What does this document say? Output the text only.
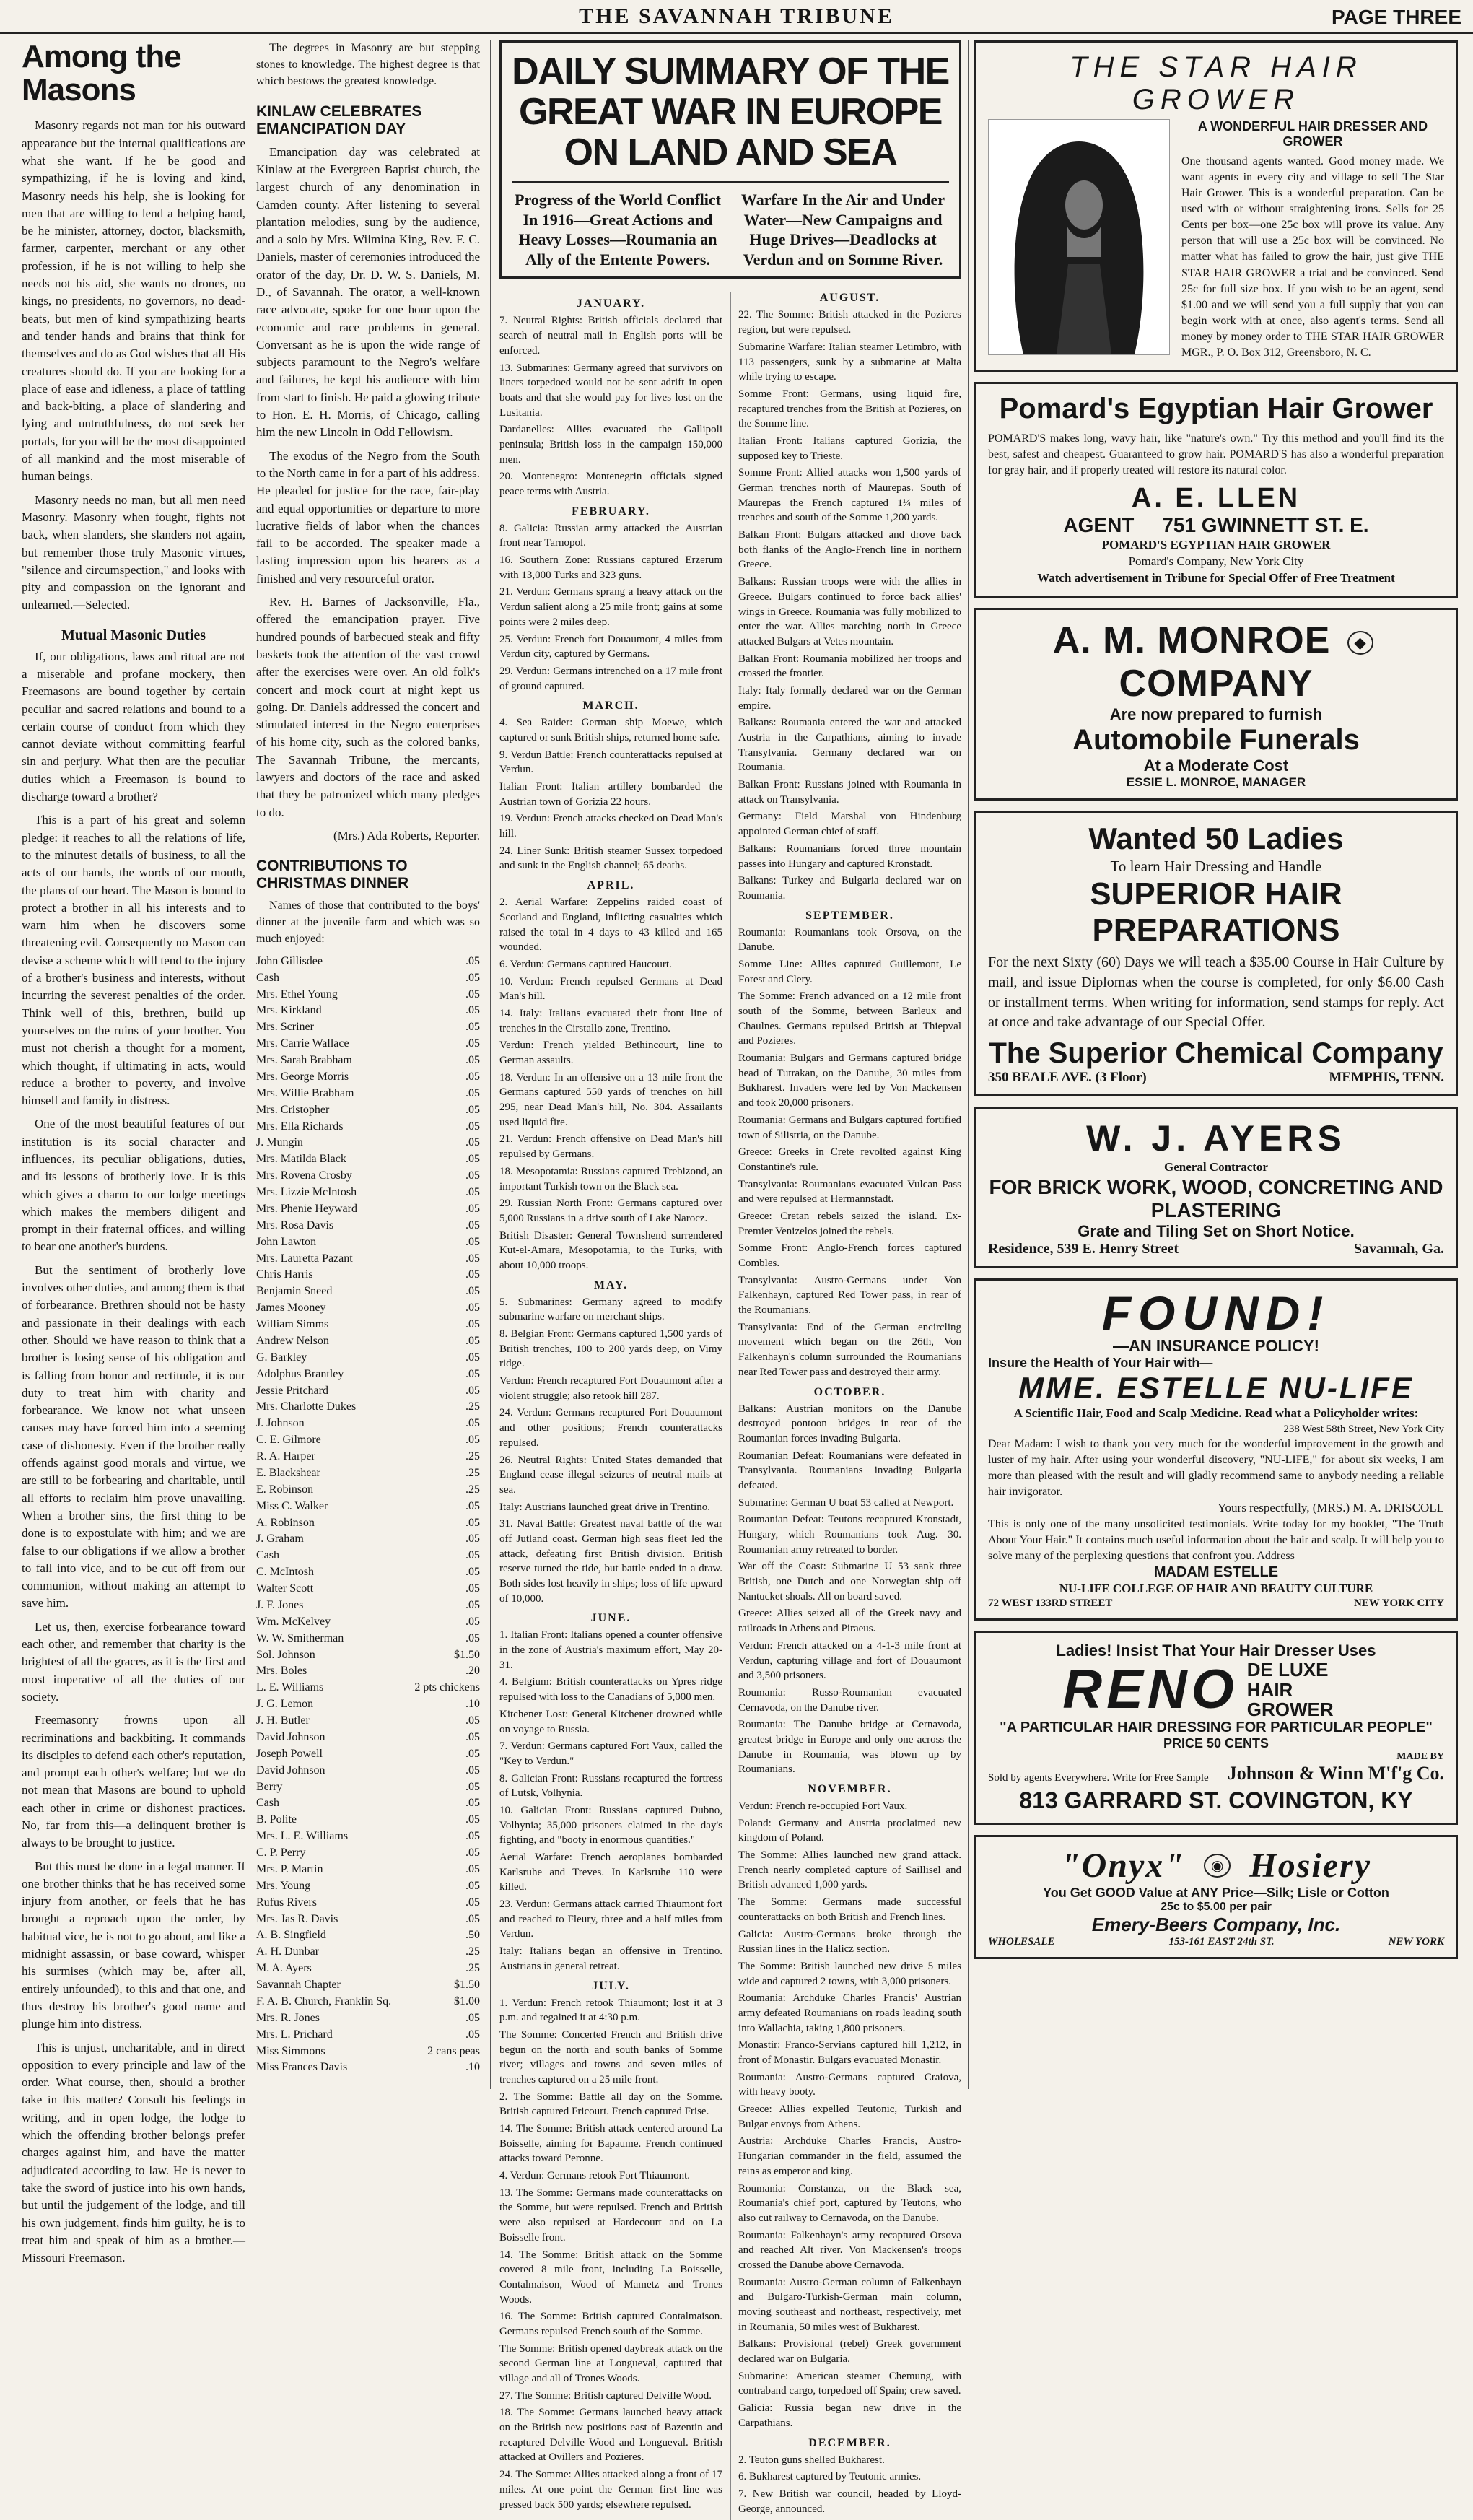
THE SAVANNAH TRIBUNE	PAGE THREE
Among the Masons

Masonry regards not man for his outward appearance but the internal qualifications are what she want. If he be good and sympathizing, if he is loving and kind, Masonry needs his help, she is looking for men that are willing to lend a helping hand, be he minister, attorney, doctor, blacksmith, farmer, carpenter, merchant or any other profession, if he is not willing to help she needs not his aid, she wants no drones, no kings, no presidents, no governors, no dead-beats, but men of kind sympathizing hearts and tender hands and brains that think for themselves and do as God wishes that all His creatures should do. If you are looking for a place of ease and idleness, a place of tattling and back-biting, a place of slandering and lying and untruthfulness, do not seek her portals, for you will be the most disappointed of all mankind and the most miserable of human beings.

Masonry needs no man, but all men need Masonry. Masonry when fought, fights not back, when slanders, she slanders not again, but remember those truly Masonic virtues, "silence and circumspection," and looks with pity and compassion on the ignorant and unlearned.—Selected.

Mutual Masonic Duties

If, our obligations, laws and ritual are not a miserable and profane mockery, then Freemasons are bound together by certain peculiar and sacred relations and bound to a certain course of conduct from which they cannot deviate without committing fearful sin and perjury. What then are the peculiar duties which a Freemason is bound to discharge toward a brother?

This is a part of his great and solemn pledge: it reaches to all the relations of life, to the minutest details of business, to all the acts of our hands, the words of our mouth, the plans of our heart. The Mason is bound to protect a brother in all his interests and to warn him when he discovers some threatening evil. Consequently no Mason can devise a scheme which will tend to the injury of a brother's business and interests, without incurring the severest penalties of the order. Think well of this, brethren, build up yourselves on the ruins of your brother. You must not cherish a thought for a moment, which thought, if ultimating in acts, would reduce a brother to poverty, and involve himself and family in distress.

One of the most beautiful features of our institution is its social character and influences, its peculiar obligations, duties, and its lessons of brotherly love. It is this which gives a charm to our lodge meetings which makes the members diligent and prompt in their fraternal offices, and willing to bear one another's burdens.

But the sentiment of brotherly love involves other duties, and among them is that of forbearance. Brethren should not be hasty and passionate in their dealings with each other. Should we have reason to think that a brother is losing sense of his obligation and is falling from honor and rectitude, it is our duty to treat him with charity and forbearance. We know not what unseen causes may have forced him into a seeming case of dishonesty. Even if the brother really offends against good morals and virtue, we are still to be forbearing and charitable, until all efforts to reclaim him prove unavailing. When a brother sins, the first thing to be done is to expostulate with him; and we are false to our obligations if we allow a brother to fall into vice, and to be cut off from our communion, without making an attempt to save him.

Let us, then, exercise forbearance toward each other, and remember that charity is the brightest of all the graces, as it is the first and most imperative of all the duties of our society.

Freemasonry frowns upon all recriminations and backbiting. It commands its disciples to defend each other's reputation, and prompt each other's welfare; but we do not mean that Masons are bound to uphold each other in crime or dishonest practices. No, far from this—a delinquent brother is always to be brought to justice.

But this must be done in a legal manner. If one brother thinks that he has received some injury from another, or feels that he has brought a reproach upon the order, by habitual vice, he is not to go about, and like a midnight assassin, or base coward, whisper his surmises (which may be, after all, entirely unfounded), to this and that one, and thus destroy his brother's good name and plunge him into distress.

This is unjust, uncharitable, and in direct opposition to every principle and law of the order. What course, then, should a brother take in this matter? Consult his feelings in writing, and in open lodge, the lodge to which the offending brother belongs prefer charges against him, and have the matter adjudicated according to law. He is never to take the sword of justice into his own hands, but until the judgement of the lodge, and till his own judgement, finds him guilty, he is to treat him and speak of him as a brother.—Missouri Freemason.

The degrees in Masonry are but stepping stones to knowledge. The highest degree is that which bestows the greatest knowledge.

KINLAW CELEBRATES EMANCIPATION DAY

Emancipation day was celebrated at Kinlaw at the Evergreen Baptist church, the largest church of any denomination in Camden county. After listening to several plantation melodies, sung by the audience, and a solo by Mrs. Wilmina King, Rev. F. C. Daniels, master of ceremonies introduced the orator of the day, Dr. D. W. S. Daniels, M. D., of Savannah. The orator, a well-known race advocate, spoke for one hour upon the economic and race problems in general. Conversant as he is upon the wide range of subjects paramount to the Negro's welfare and failures, he kept his audience with him from start to finish. He paid a glowing tribute to Hon. E. H. Morris, of Chicago, calling him the new Lincoln in Odd Fellowism.

The exodus of the Negro from the South to the North came in for a part of his address. He pleaded for justice for the race, fair-play and equal opportunities or departure to more lucrative fields of labor when the chances fail to be accorded. The speaker made a lasting impression upon his hearers as a finished and very resourceful orator.

Rev. H. Barnes of Jacksonville, Fla., offered the emancipation prayer. Five hundred pounds of barbecued steak and fifty baskets took the attention of the vast crowd after the exercises were over. An old folk's concert and mock court at night kept us going. Dr. Daniels addressed the concert and stimulated interest in the Negro enterprises of his home city, such as the colored banks, The Savannah Tribune, the mercants, lawyers and doctors of the race and asked that they be patronized which many pledges to do.

(Mrs.) Ada Roberts, Reporter.

CONTRIBUTIONS TO CHRISTMAS DINNER

Names of those that contributed to the boys' dinner at the juvenile farm and which was so much enjoyed:

John Gillisdee	.05
Cash	.05
Mrs. Ethel Young	.05
Mrs. Kirkland	.05
Mrs. Scriner	.05
Mrs. Carrie Wallace	.05
Mrs. Sarah Brabham	.05
Mrs. George Morris	.05
Mrs. Willie Brabham	.05
Mrs. Cristopher	.05
Mrs. Ella Richards	.05
J. Mungin	.05
Mrs. Matilda Black	.05
Mrs. Rovena Crosby	.05
Mrs. Lizzie McIntosh	.05
Mrs. Phenie Heyward	.05
Mrs. Rosa Davis	.05
John Lawton	.05
Mrs. Lauretta Pazant	.05
Chris Harris	.05
Benjamin Sneed	.05
James Mooney	.05
William Simms	.05
Andrew Nelson	.05
G. Barkley	.05
Adolphus Brantley	.05
Jessie Pritchard	.05
Mrs. Charlotte Dukes	.25
J. Johnson	.05
C. E. Gilmore	.05
R. A. Harper	.25
E. Blackshear	.25
E. Robinson	.25
Miss C. Walker	.05
A. Robinson	.05
J. Graham	.05
Cash	.05
C. McIntosh	.05
Walter Scott	.05
J. F. Jones	.05
Wm. McKelvey	.05
W. W. Smitherman	.05
Sol. Johnson	$1.50
Mrs. Boles	.20
L. E. Williams	2 pts chickens
J. G. Lemon	.10
J. H. Butler	.05
David Johnson	.05
Joseph Powell	.05
David Johnson	.05
Berry	.05
Cash	.05
B. Polite	.05
Mrs. L. E. Williams	.05
C. P. Perry	.05
Mrs. P. Martin	.05
Mrs. Young	.05
Rufus Rivers	.05
Mrs. Jas R. Davis	.05
A. B. Singfield	.50
A. H. Dunbar	.25
M. A. Ayers	.25
Savannah Chapter	$1.50
F. A. B. Church, Franklin Sq.	$1.00
Mrs. R. Jones	.05
Mrs. L. Prichard	.05
Miss Simmons	2 cans peas
Miss Frances Davis	.10
DAILY SUMMARY OF THE GREAT WAR IN EUROPE ON LAND AND SEA
Progress of the World Conflict In 1916—Great Actions and Heavy Losses—Roumania an Ally of the Entente Powers.
Warfare In the Air and Under Water—New Campaigns and Huge Drives—Deadlocks at Verdun and on Somme River.
JANUARY.
7. Neutral Rights: British officials declared that search of neutral mail in English ports will be enforced.
13. Submarines: Germany agreed that survivors on liners torpedoed would not be sent adrift in open boats and that she would pay for lives lost on the Lusitania.
Dardanelles: Allies evacuated the Gallipoli peninsula; British loss in the campaign 150,000 men.
20. Montenegro: Montenegrin officials signed peace terms with Austria.
FEBRUARY.
8. Galicia: Russian army attacked the Austrian front near Tarnopol.
16. Southern Zone: Russians captured Erzerum with 13,000 Turks and 323 guns.
21. Verdun: Germans sprang a heavy attack on the Verdun salient along a 25 mile front; gains at some points were 2 miles deep.
25. Verdun: French fort Douaumont, 4 miles from Verdun city, captured by Germans.
29. Verdun: Germans intrenched on a 17 mile front of ground captured.
MARCH.
4. Sea Raider: German ship Moewe, which captured or sunk British ships, returned home safe.
9. Verdun Battle: French counterattacks repulsed at Verdun.
Italian Front: Italian artillery bombarded the Austrian town of Gorizia 22 hours.
19. Verdun: French attacks checked on Dead Man's hill.
24. Liner Sunk: British steamer Sussex torpedoed and sunk in the English channel; 65 deaths.
APRIL.
2. Aerial Warfare: Zeppelins raided coast of Scotland and England, inflicting casualties which raised the total in 4 days to 43 killed and 165 wounded.
6. Verdun: Germans captured Haucourt.
10. Verdun: French repulsed Germans at Dead Man's hill.
14. Italy: Italians evacuated their front line of trenches in the Cirstallo zone, Trentino.
Verdun: French yielded Bethincourt, line to German assaults.
18. Verdun: In an offensive on a 13 mile front the Germans captured 550 yards of trenches on hill 295, near Dead Man's hill, No. 304. Assailants used liquid fire.
21. Verdun: French offensive on Dead Man's hill repulsed by Germans.
18. Mesopotamia: Russians captured Trebizond, an important Turkish town on the Black sea.
29. Russian North Front: Germans captured over 5,000 Russians in a drive south of Lake Narocz.
British Disaster: General Townshend surrendered Kut-el-Amara, Mesopotamia, to the Turks, with about 10,000 troops.
MAY.
5. Submarines: Germany agreed to modify submarine warfare on merchant ships.
8. Belgian Front: Germans captured 1,500 yards of British trenches, 100 to 200 yards deep, on Vimy ridge.
Verdun: French recaptured Fort Douaumont after a violent struggle; also retook hill 287.
24. Verdun: Germans recaptured Fort Douaumont and other positions; French counterattacks repulsed.
26. Neutral Rights: United States demanded that England cease illegal seizures of neutral mails at sea.
Italy: Austrians launched great drive in Trentino.
31. Naval Battle: Greatest naval battle of the war off Jutland coast. German high seas fleet led the attack, defeating first British division. British reserve turned the tide, but battle ended in a draw. Both sides lost heavily in ships; loss of life upward of 10,000.
JUNE.
1. Italian Front: Italians opened a counter offensive in the zone of Austria's maximum effort, May 20-31.
4. Belgium: British counterattacks on Ypres ridge repulsed with loss to the Canadians of 5,000 men.
Kitchener Lost: General Kitchener drowned while on voyage to Russia.
7. Verdun: Germans captured Fort Vaux, called the "Key to Verdun."
8. Galician Front: Russians recaptured the fortress of Lutsk, Volhynia.
10. Galician Front: Russians captured Dubno, Volhynia; 35,000 prisoners claimed in the day's fighting, and "booty in enormous quantities."
Aerial Warfare: French aeroplanes bombarded Karlsruhe and Treves. In Karlsruhe 110 were killed.
23. Verdun: Germans attack carried Thiaumont fort and reached to Fleury, three and a half miles from Verdun.
Italy: Italians began an offensive in Trentino. Austrians in general retreat.
JULY.
1. Verdun: French retook Thiaumont; lost it at 3 p.m. and regained it at 4:30 p.m.
The Somme: Concerted French and British drive begun on the north and south banks of Somme river; villages and towns and seven miles of trenches captured on a 25 mile front.
2. The Somme: Battle all day on the Somme. British captured Fricourt. French captured Frise.
14. The Somme: British attack centered around La Boisselle, aiming for Bapaume. French continued attacks toward Peronne.
4. Verdun: Germans retook Fort Thiaumont.
13. The Somme: Germans made counterattacks on the Somme, but were repulsed. French and British were also repulsed at Hardecourt and on La Boisselle front.
14. The Somme: British attack on the Somme covered 8 mile front, including La Boisselle, Contalmaison, Wood of Mametz and Trones Woods.
16. The Somme: British captured Contalmaison. Germans repulsed French south of the Somme.
The Somme: British opened daybreak attack on the second German line at Longueval, captured that village and all of Trones Woods.
27. The Somme: British captured Delville Wood.
18. The Somme: Germans launched heavy attack on the British new positions east of Bazentin and recaptured Delville Wood and Longueval. British attacked at Ovillers and Pozieres.
24. The Somme: Allies attacked along a front of 17 miles. At one point the German first line was pressed back 500 yards; elsewhere repulsed.
AUGUST.
22. The Somme: British attacked in the Pozieres region, but were repulsed.
Submarine Warfare: Italian steamer Letimbro, with 113 passengers, sunk by a submarine at Malta while trying to escape.
Somme Front: Germans, using liquid fire, recaptured trenches from the British at Pozieres, on the Somme line.
Italian Front: Italians captured Gorizia, the supposed key to Trieste.
Somme Front: Allied attacks won 1,500 yards of German trenches north of Maurepas. South of Maurepas the French captured 1¼ miles of trenches and south of the Somme 1,200 yards.
Balkan Front: Bulgars attacked and drove back both flanks of the Anglo-French line in northern Greece.
Balkans: Russian troops were with the allies in Greece. Bulgars continued to force back allies' wings in Greece. Roumania was fully mobilized to enter the war. Allies marching north in Greece attacked Bulgars at Vetes mountain.
Balkan Front: Roumania mobilized her troops and crossed the frontier.
Italy: Italy formally declared war on the German empire.
Balkans: Roumania entered the war and attacked Austria in the Carpathians, aiming to invade Transylvania. Germany declared war on Roumania.
Balkan Front: Russians joined with Roumania in attack on Transylvania.
Germany: Field Marshal von Hindenburg appointed German chief of staff.
Balkans: Roumanians forced three mountain passes into Hungary and captured Kronstadt.
Balkans: Turkey and Bulgaria declared war on Roumania.
SEPTEMBER.
Roumania: Roumanians took Orsova, on the Danube.
Somme Line: Allies captured Guillemont, Le Forest and Clery.
The Somme: French advanced on a 12 mile front south of the Somme, between Barleux and Chaulnes. Germans repulsed British at Thiepval and Pozieres.
Roumania: Bulgars and Germans captured bridge head of Tutrakan, on the Danube, 30 miles from Bukharest. Invaders were led by Von Mackensen and took 20,000 prisoners.
Roumania: Germans and Bulgars captured fortified town of Silistria, on the Danube.
Greece: Greeks in Crete revolted against King Constantine's rule.
Transylvania: Roumanians evacuated Vulcan Pass and were repulsed at Hermannstadt.
Greece: Cretan rebels seized the island. Ex-Premier Venizelos joined the rebels.
Somme Front: Anglo-French forces captured Combles.
Transylvania: Austro-Germans under Von Falkenhayn, captured Red Tower pass, in rear of the Roumanians.
Transylvania: End of the German encircling movement which began on the 26th, Von Falkenhayn's column surrounded the Roumanians near Red Tower pass and destroyed their army.
OCTOBER.
Balkans: Austrian monitors on the Danube destroyed pontoon bridges in rear of the Roumanian forces invading Bulgaria.
Roumanian Defeat: Roumanians were defeated in Transylvania. Roumanians invading Bulgaria defeated.
Submarine: German U boat 53 called at Newport.
Roumanian Defeat: Teutons recaptured Kronstadt, Hungary, which Roumanians took Aug. 30. Roumanian army retreated to border.
War off the Coast: Submarine U 53 sank three British, one Dutch and one Norwegian ship off Nantucket shoals. All on board saved.
Greece: Allies seized all of the Greek navy and railroads in Athens and Piraeus.
Verdun: French attacked on a 4-1-3 mile front at Verdun, capturing village and fort of Douaumont and 3,500 prisoners.
Roumania: Russo-Roumanian evacuated Cernavoda, on the Danube river.
Roumania: The Danube bridge at Cernavoda, greatest bridge in Europe and only one across the Danube in Roumania, was blown up by Roumanians.
NOVEMBER.
Verdun: French re-occupied Fort Vaux.
Poland: Germany and Austria proclaimed new kingdom of Poland.
The Somme: Allies launched new grand attack. French nearly completed capture of Saillisel and British advanced 1,000 yards.
The Somme: Germans made successful counterattacks on both British and French lines.
Galicia: Austro-Germans broke through the Russian lines in the Halicz section.
The Somme: British launched new drive 5 miles wide and captured 2 towns, with 3,000 prisoners.
Roumania: Archduke Charles Francis' Austrian army defeated Roumanians on roads leading south into Wallachia, taking 1,800 prisoners.
Monastir: Franco-Servians captured hill 1,212, in front of Monastir. Bulgars evacuated Monastir.
Roumania: Austro-Germans captured Craiova, with heavy booty.
Greece: Allies expelled Teutonic, Turkish and Bulgar envoys from Athens.
Austria: Archduke Charles Francis, Austro-Hungarian commander in the field, assumed the reins as emperor and king.
Roumania: Constanza, on the Black sea, Roumania's chief port, captured by Teutons, who also cut railway to Cernavoda, on the Danube.
Roumania: Falkenhayn's army recaptured Orsova and reached Alt river. Von Mackensen's troops crossed the Danube above Cernavoda.
Roumania: Austro-German column of Falkenhayn and Bulgaro-Turkish-German main column, moving southeast and northeast, respectively, met in Roumania, 50 miles west of Bukharest.
Balkans: Provisional (rebel) Greek government declared war on Bulgaria.
Submarine: American steamer Chemung, with contraband cargo, torpedoed off Spain; crew saved.
Galicia: Russia began new drive in the Carpathians.
DECEMBER.
2. Teuton guns shelled Bukharest.
6. Bukharest captured by Teutonic armies.
7. New British war council, headed by Lloyd-George, announced.
THE STAR HAIR GROWER
A WONDERFUL HAIR DRESSER AND GROWER
One thousand agents wanted. Good money made. We want agents in every city and village to sell The Star Hair Grower. This is a wonderful preparation. Can be used with or without straightening irons. Sells for 25 Cents per box—one 25c box will prove its value. Any person that will use a 25c box will be convinced. No matter what has failed to grow the hair, just give THE STAR HAIR GROWER a trial and be convinced. Send 25c for full size box. If you wish to be an agent, send $1.00 and we will send you a full supply that you can begin work with at once, also agent's terms. Send all money by money order to THE STAR HAIR GROWER MGR., P. O. Box 312, Greensboro, N. C.
Pomard's Egyptian Hair Grower
POMARD'S makes long, wavy hair, like "nature's own." Try this method and you'll find its the best, safest and cheapest. Guaranteed to grow hair. POMARD'S has also a wonderful preparation for gray hair, and if properly treated will restore its natural color.
A. E. LLEN
AGENT     751 GWINNETT ST. E.
POMARD'S EGYPTIAN HAIR GROWER
Pomard's Company, New York City
Watch advertisement in Tribune for Special Offer of Free Treatment
A. M. MONROE ◆ COMPANY
Are now prepared to furnish
Automobile Funerals
At a Moderate Cost
ESSIE L. MONROE, MANAGER
Wanted 50 Ladies
To learn Hair Dressing and Handle
SUPERIOR HAIR PREPARATIONS
For the next Sixty (60) Days we will teach a $35.00 Course in Hair Culture by mail, and issue Diplomas when the course is completed, for only $6.00 Cash or installment terms. When writing for information, send stamps for reply. Act at once and take advantage of our Special Offer.
The Superior Chemical Company
350 BEALE AVE. (3 Floor)	MEMPHIS, TENN.
W. J. AYERS
General Contractor
FOR BRICK WORK, WOOD, CONCRETING AND PLASTERING
Grate and Tiling Set on Short Notice.
Residence, 539 E. Henry Street	Savannah, Ga.
FOUND!
—AN INSURANCE POLICY!
Insure the Health of Your Hair with—
MME. ESTELLE NU-LIFE
A Scientific Hair, Food and Scalp Medicine. Read what a Policyholder writes:
238 West 58th Street, New York City
Dear Madam: I wish to thank you very much for the wonderful improvement in the growth and luster of my hair. After using your wonderful discovery, "NU-LIFE," for about six weeks, I am more than pleased with the result and will gladly recommend same to anybody needing a reliable hair invigorator.
Yours respectfully, (MRS.) M. A. DRISCOLL
This is only one of the many unsolicited testimonials. Write today for my booklet, "The Truth About Your Hair." It contains much useful information about the hair and scalp. It will help you to solve many of the perplexing questions that confront you. Address
MADAM ESTELLE
NU-LIFE COLLEGE OF HAIR AND BEAUTY CULTURE
72 WEST 133RD STREET	NEW YORK CITY
Ladies! Insist That Your Hair Dresser Uses
RENO DE LUXE HAIR GROWER
"A PARTICULAR HAIR DRESSING FOR PARTICULAR PEOPLE"
PRICE 50 CENTS
Sold by agents Everywhere. Write for Free Sample
MADE BY
Johnson & Winn M'f'g Co.
813 GARRARD ST. COVINGTON, KY
"Onyx"	◉ Hosiery
You Get GOOD Value at ANY Price—Silk; Lisle or Cotton
25c to $5.00 per pair
Emery-Beers Company, Inc.
WHOLESALE	153-161 EAST 24th ST.	NEW YORK
